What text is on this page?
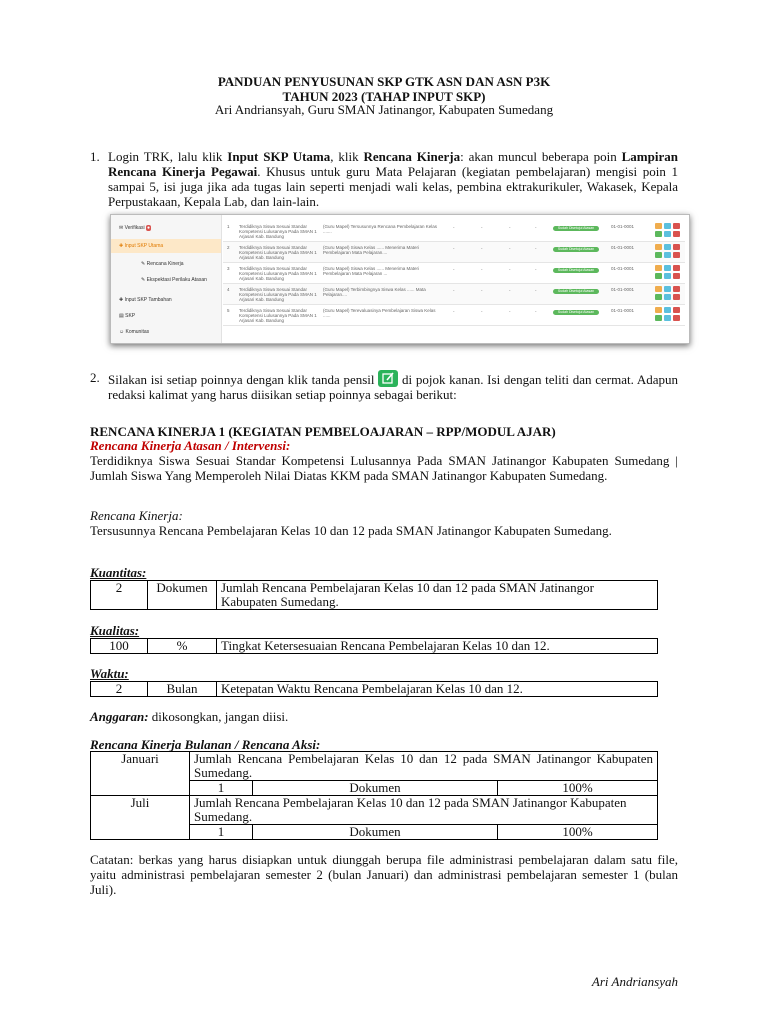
PANDUAN PENYUSUNAN SKP GTK ASN DAN ASN P3K
TAHUN 2023 (TAHAP INPUT SKP)
Ari Andriansyah, Guru SMAN Jatinangor, Kabupaten Sumedang
1. Login TRK, lalu klik Input SKP Utama, klik Rencana Kinerja: akan muncul beberapa poin Lampiran Rencana Kinerja Pegawai. Khusus untuk guru Mata Pelajaran (kegiatan pembelajaran) mengisi poin 1 sampai 5, isi juga jika ada tugas lain seperti menjadi wali kelas, pembina ektrakurikuler, Wakasek, Kepala Perpustakaan, Kepala Lab, dan lain-lain.
✉ Verifikasi ●
✚ Input SKP Utama
✎ Rencana Kinerja
✎ Ekspektasi Perilaku Atasan
✚ Input SKP Tambahan
▤ SKP
☺ Komunitas
1	Terdidiknya Siswa Sesuai Standar Kompetensi Lulusannya Pada SMAN 1 Arjasari Kab. Bandung
(Guru Mapel) Tersusunnya Rencana Pembelajaran Kelas .......
-	-	-	-	Sudah Disetujui Atasan	01-01-0001
2	Terdidiknya Siswa Sesuai Standar Kompetensi Lulusannya Pada SMAN 1 Arjasari Kab. Bandung
(Guru Mapel) Siswa Kelas ...... Menerima Materi Pembelajaran Mata Pelajaran....
-	-	-	-	Sudah Disetujui Atasan	01-01-0001
3	Terdidiknya Siswa Sesuai Standar Kompetensi Lulusannya Pada SMAN 1 Arjasari Kab. Bandung
(Guru Mapel) Siswa Kelas ...... Menerima Materi Pembelajaran Mata Pelajaran ...
-	-	-	-	Sudah Disetujui Atasan	01-01-0001
4	Terdidiknya Siswa Sesuai Standar Kompetensi Lulusannya Pada SMAN 1 Arjasari Kab. Bandung
(Guru Mapel) Terbimbingnya Siswa Kelas ...... Mata Pelajaran....
-	-	-	-	Sudah Disetujui Atasan	01-01-0001
5	Terdidiknya Siswa Sesuai Standar Kompetensi Lulusannya Pada SMAN 1 Arjasari Kab. Bandung
(Guru Mapel) Terevaluasinya Pembelajaran Siswa Kelas ......
-	-	-	-	Sudah Disetujui Atasan	01-01-0001
2. Silakan isi setiap poinnya dengan klik tanda pensil  di pojok kanan. Isi dengan teliti dan cermat. Adapun redaksi kalimat yang harus diisikan setiap poinnya sebagai berikut:
RENCANA KINERJA 1 (KEGIATAN PEMBELOAJARAN – RPP/MODUL AJAR)
Rencana Kinerja Atasan / Intervensi:
Terdidiknya Siswa Sesuai Standar Kompetensi Lulusannya Pada SMAN Jatinangor Kabupaten Sumedang | Jumlah Siswa Yang Memperoleh Nilai Diatas KKM pada SMAN Jatinangor Kabupaten Sumedang.
Rencana Kinerja:
Tersusunnya Rencana Pembelajaran Kelas 10 dan 12 pada SMAN Jatinangor Kabupaten Sumedang.
Kuantitas:
2	Dokumen	Jumlah Rencana Pembelajaran Kelas 10 dan 12 pada SMAN Jatinangor Kabupaten Sumedang.
Kualitas:
100	%	Tingkat Ketersesuaian Rencana Pembelajaran Kelas 10 dan 12.
Waktu:
2	Bulan	Ketepatan Waktu Rencana Pembelajaran Kelas 10 dan 12.
Anggaran: dikosongkan, jangan diisi.
Rencana Kinerja Bulanan / Rencana Aksi:
Januari	Jumlah Rencana Pembelajaran Kelas 10 dan 12 pada SMAN Jatinangor Kabupaten Sumedang.		
	1	Dokumen	100%
Juli	Jumlah Rencana Pembelajaran Kelas 10 dan 12 pada SMAN Jatinangor Kabupaten Sumedang.		
	1	Dokumen	100%
Catatan: berkas yang harus disiapkan untuk diunggah berupa file administrasi pembelajaran dalam satu file, yaitu administrasi pembelajaran semester 2 (bulan Januari) dan administrasi pembelajaran semester 1 (bulan Juli).
Ari Andriansyah
